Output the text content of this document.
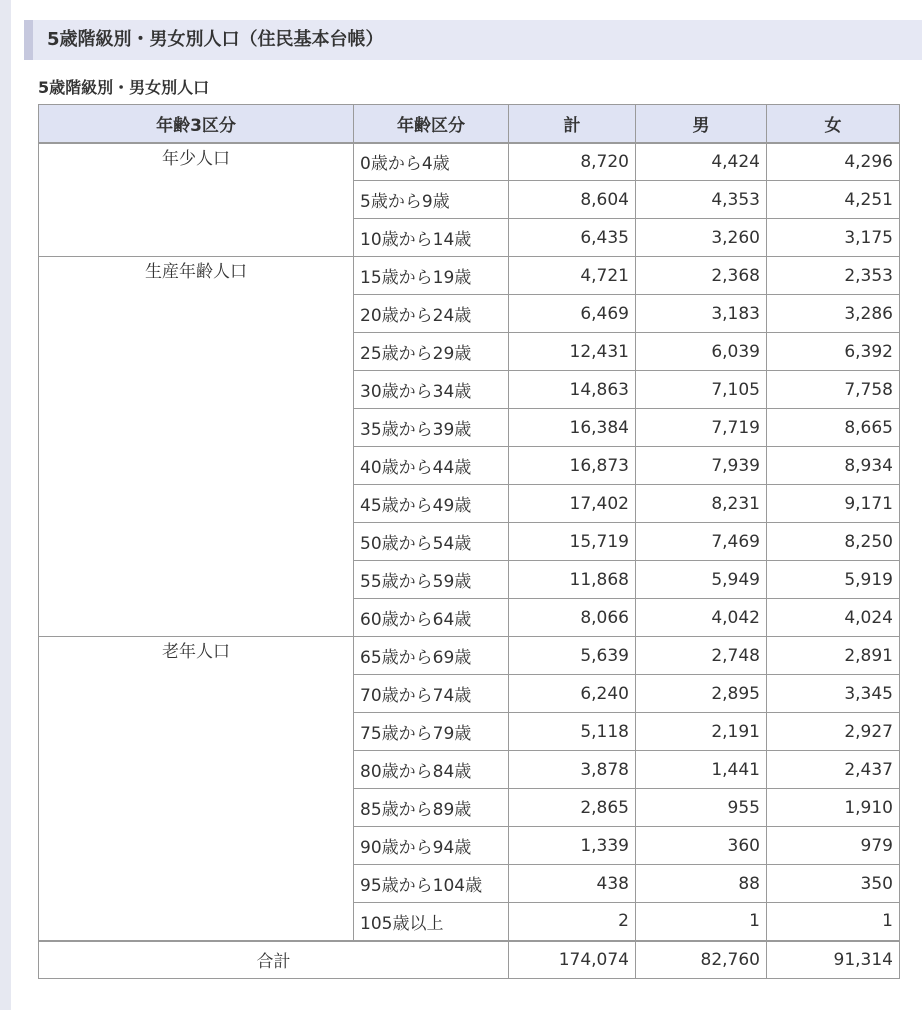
5歳階級別・男女別人口（住民基本台帳）
5歳階級別・男女別人口
年齢3区分	年齢区分	計	男	女
年少人口	0歳から4歳	8,720	4,424	4,296
	5歳から9歳	8,604	4,353	4,251
	10歳から14歳	6,435	3,260	3,175
生産年齢人口	15歳から19歳	4,721	2,368	2,353
	20歳から24歳	6,469	3,183	3,286
	25歳から29歳	12,431	6,039	6,392
	30歳から34歳	14,863	7,105	7,758
	35歳から39歳	16,384	7,719	8,665
	40歳から44歳	16,873	7,939	8,934
	45歳から49歳	17,402	8,231	9,171
	50歳から54歳	15,719	7,469	8,250
	55歳から59歳	11,868	5,949	5,919
	60歳から64歳	8,066	4,042	4,024
老年人口	65歳から69歳	5,639	2,748	2,891
	70歳から74歳	6,240	2,895	3,345
	75歳から79歳	5,118	2,191	2,927
	80歳から84歳	3,878	1,441	2,437
	85歳から89歳	2,865	955	1,910
	90歳から94歳	1,339	360	979
	95歳から104歳	438	88	350
	105歳以上	2	1	1
合計		174,074	82,760	91,314
